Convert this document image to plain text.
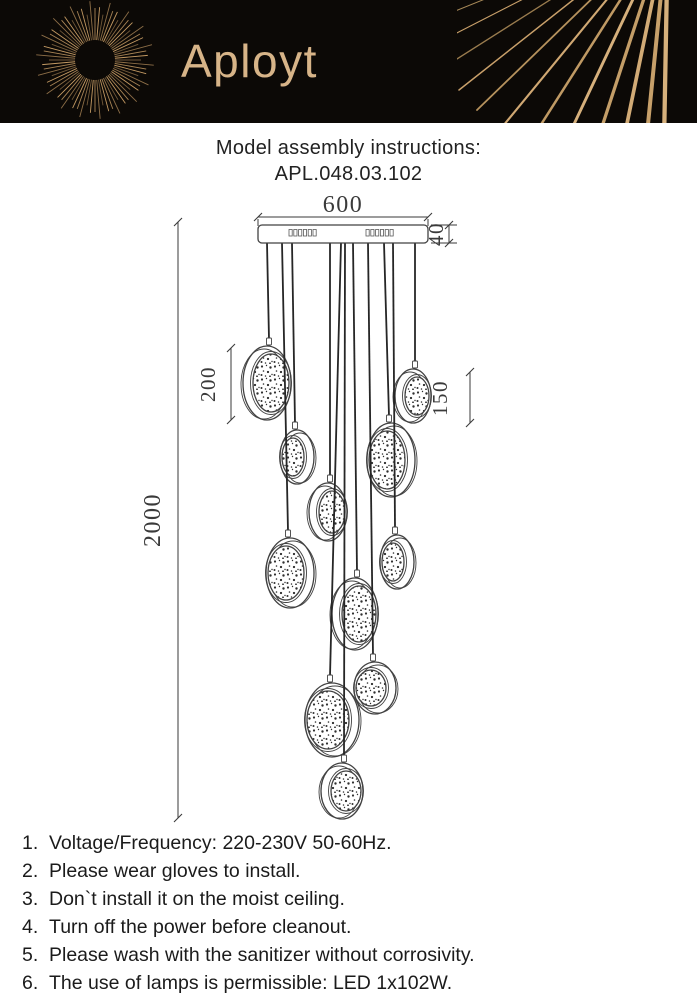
Aployt
Model assembly instructions:
APL.048.03.102
600
40
200	150
2000
1. Voltage/Frequency: 220-230V 50-60Hz.
2. Please wear gloves to install.
3. Don`t install it on the moist ceiling.
4. Turn off the power before cleanout.
5. Please wash with the sanitizer without corrosivity.
6. The use of lamps is permissible: LED 1x102W.
